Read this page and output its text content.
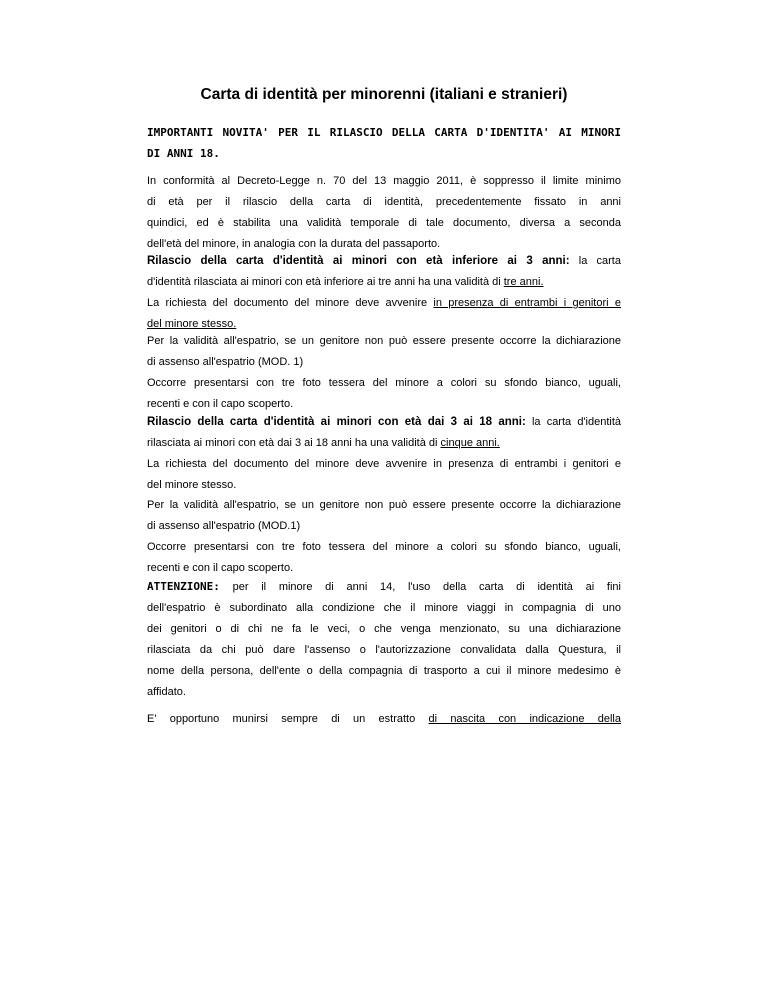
Carta di identità per minorenni (italiani e stranieri)
IMPORTANTI NOVITA' PER IL RILASCIO DELLA CARTA D'IDENTITA' AI MINORI
DI ANNI 18.
In conformità al Decreto-Legge n. 70 del 13 maggio 2011, è soppresso il limite minimo
di età per il rilascio della carta di identità, precedentemente fissato in anni
quindici, ed è stabilita una validità temporale di tale documento, diversa a seconda
dell'età del minore, in analogia con la durata del passaporto.
Rilascio della carta d'identità ai minori con età inferiore ai 3 anni: la carta
d'identità rilasciata ai minori con età inferiore ai tre anni ha una validità di tre anni.
La richiesta del documento del minore deve avvenire in presenza di entrambi i genitori e
del minore stesso.
Per la validità all'espatrio, se un genitore non può essere presente occorre la dichiarazione
di assenso all'espatrio (MOD. 1)
Occorre presentarsi con tre foto tessera del minore a colori su sfondo bianco, uguali,
recenti e con il capo scoperto.
Rilascio della carta d'identità ai minori con età dai 3 ai 18 anni: la carta d'identità
rilasciata ai minori con età dai 3 ai 18 anni ha una validità di cinque anni.
La richiesta del documento del minore deve avvenire in presenza di entrambi i genitori e
del minore stesso.
Per la validità all'espatrio, se un genitore non può essere presente occorre la dichiarazione
di assenso all'espatrio (MOD.1)
Occorre presentarsi con tre foto tessera del minore a colori su sfondo bianco, uguali,
recenti e con il capo scoperto.
ATTENZIONE: per il minore di anni 14, l'uso della carta di identità ai fini
dell'espatrio è subordinato alla condizione che il minore viaggi in compagnia di uno
dei genitori o di chi ne fa le veci, o che venga menzionato, su una dichiarazione
rilasciata da chi può dare l'assenso o l'autorizzazione convalidata dalla Questura, il
nome della persona, dell'ente o della compagnia di trasporto a cui il minore medesimo è
affidato.
E' opportuno munirsi sempre di un estratto di nascita con indicazione della
